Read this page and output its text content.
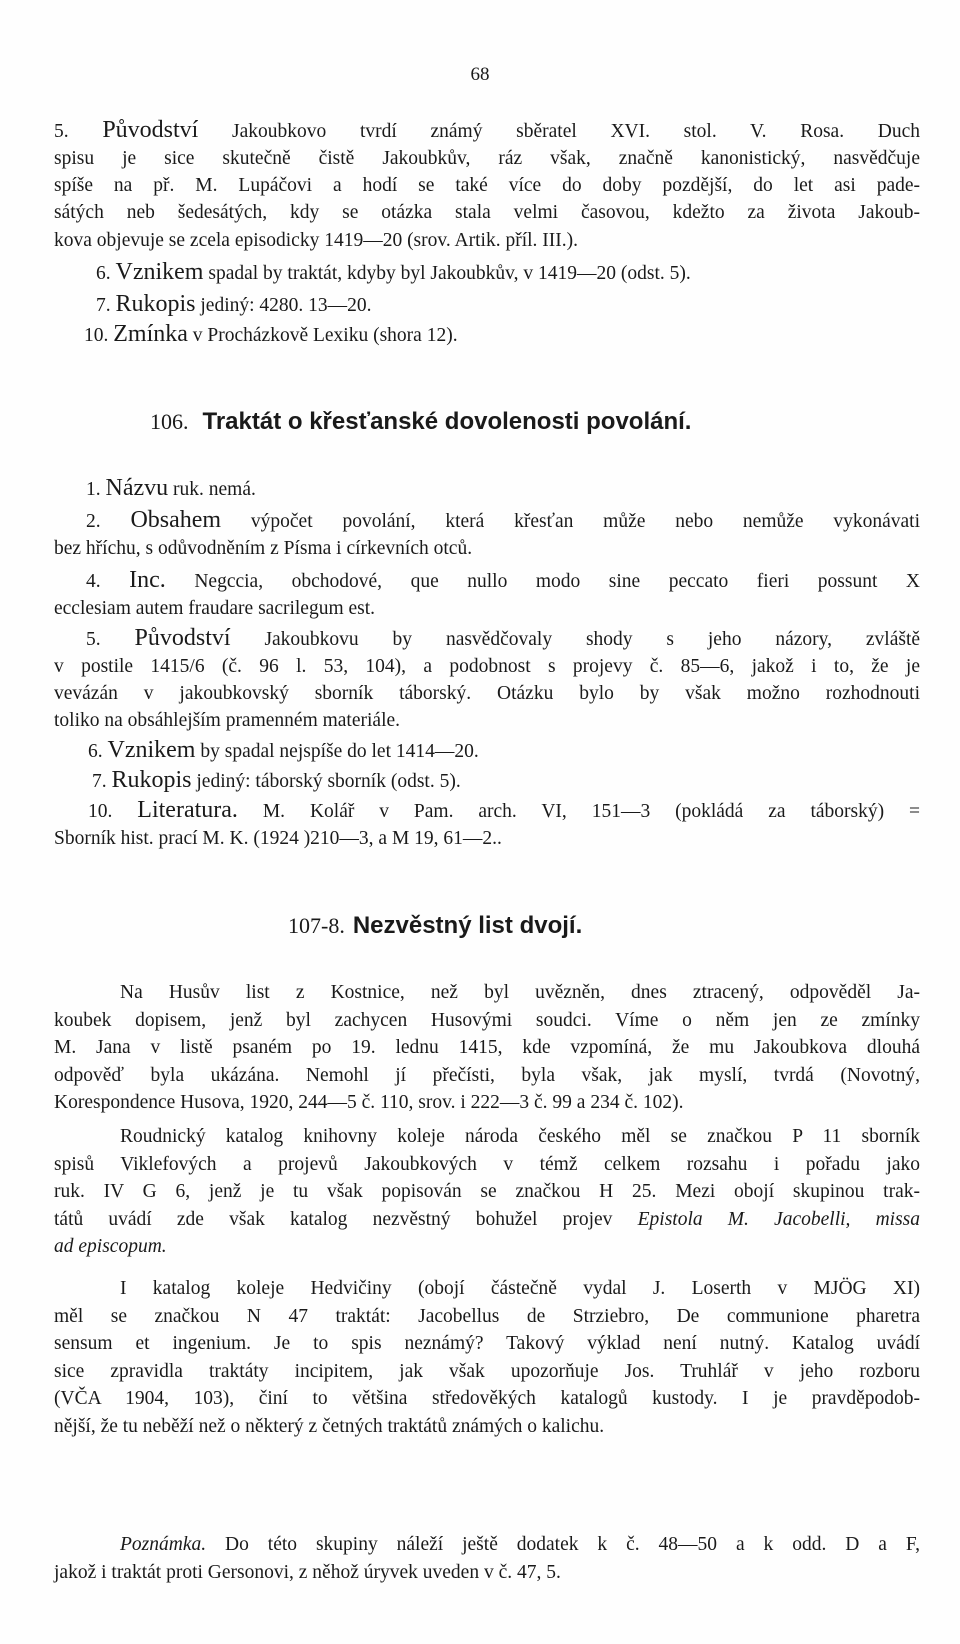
68
5. Původství Jakoubkovo tvrdí známý sběratel XVI. stol. V. Rosa. Duch
spisu je sice skutečně čistě Jakoubkův, ráz však, značně kanonistický, nasvědčuje
spíše na př. M. Lupáčovi a hodí se také více do doby pozdější, do let asi pade-
sátých neb šedesátých, kdy se otázka stala velmi časovou, kdežto za života Jakoub-
kova objevuje se zcela episodicky 1419—20 (srov. Artik. příl. III.).
6. Vznikem spadal by traktát, kdyby byl Jakoubkův, v 1419—20 (odst. 5).
7. Rukopis jediný: 4280. 13—20.
10. Zmínka v Procházkově Lexiku (shora 12).
106. Traktát o křesťanské dovolenosti povolání.
1. Názvu ruk. nemá.
2. Obsahem výpočet povolání, která křesťan může nebo nemůže vykonávati
bez hříchu, s odůvodněním z Písma i církevních otců.
4. Inc. Negccia, obchodové, que nullo modo sine peccato fieri possunt X
ecclesiam autem fraudare sacrilegum est.
5. Původství Jakoubkovu by nasvědčovaly shody s jeho názory, zvláště
v postile 1415/6 (č. 96 l. 53, 104), a podobnost s projevy č. 85—6, jakož i to, že je
vevázán v jakoubkovský sborník táborský. Otázku bylo by však možno rozhodnouti
toliko na obsáhlejším pramenném materiále.
6. Vznikem by spadal nejspíše do let 1414—20.
7. Rukopis jediný: táborský sborník (odst. 5).
10. Literatura. M. Kolář v Pam. arch. VI, 151—3 (pokládá za táborský) =
Sborník hist. prací M. K. (1924 )210—3, a M 19, 61—2..
107-8. Nezvěstný list dvojí.
Na Husův list z Kostnice, než byl uvězněn, dnes ztracený, odpověděl Ja-
koubek dopisem, jenž byl zachycen Husovými soudci. Víme o něm jen ze zmínky
M. Jana v listě psaném po 19. lednu 1415, kde vzpomíná, že mu Jakoubkova dlouhá
odpověď byla ukázána. Nemohl jí přečísti, byla však, jak myslí, tvrdá (Novotný,
Korespondence Husova, 1920, 244—5 č. 110, srov. i 222—3 č. 99 a 234 č. 102).
Roudnický katalog knihovny koleje národa českého měl se značkou P 11 sborník
spisů Viklefových a projevů Jakoubkových v témž celkem rozsahu i pořadu jako
ruk. IV G 6, jenž je tu však popisován se značkou H 25. Mezi obojí skupinou trak-
tátů uvádí zde však katalog nezvěstný bohužel projev Epistola M. Jacobelli, missa
ad episcopum.
I katalog koleje Hedvičiny (obojí částečně vydal J. Loserth v MJÖG XI)
měl se značkou N 47 traktát: Jacobellus de Strziebro, De communione pharetra
sensum et ingenium. Je to spis neznámý? Takový výklad není nutný. Katalog uvádí
sice zpravidla traktáty incipitem, jak však upozorňuje Jos. Truhlář v jeho rozboru
(VČA 1904, 103), činí to většina středověkých katalogů kustody. I je pravděpodob-
nější, že tu neběží než o některý z četných traktátů známých o kalichu.
Poznámka. Do této skupiny náleží ještě dodatek k č. 48—50 a k odd. D a F,
jakož i traktát proti Gersonovi, z něhož úryvek uveden v č. 47, 5.
